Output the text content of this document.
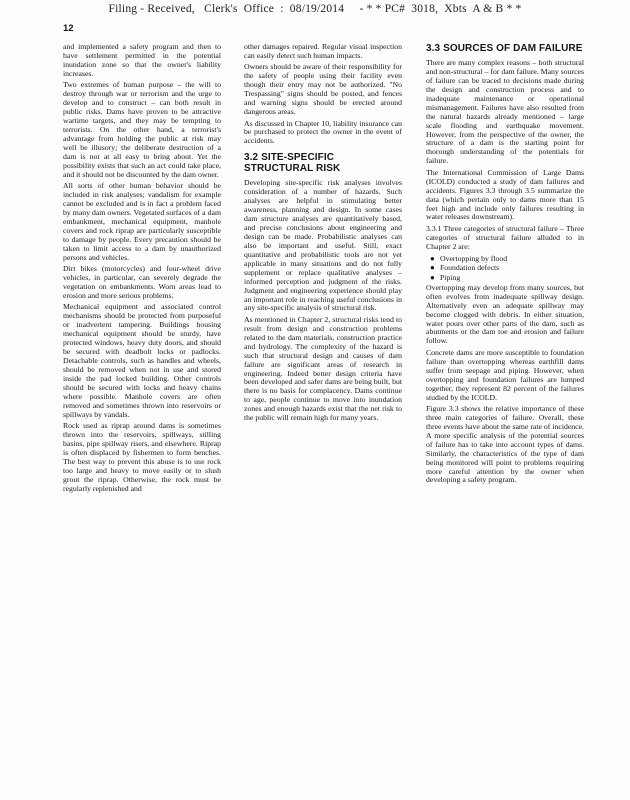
Filing - Received,   Clerk's  Office  :  08/19/2014     - * * PC#  3018,  Xbts  A & B * *
12

and implemented a safety program and then to have settlement permitted in the potential inundation zone so that the owner's liability increases.

Two extremes of human purpose – the will to destroy through war or terrorism and the urge to develop and to construct – can both result in public risks. Dams have proven to be attractive wartime targets, and they may be tempting to terrorists. On the other hand, a terrorist's advantage from holding the public at risk may well be illusory; the deliberate destruction of a dam is not at all easy to bring about. Yet the possibility exists that such an act could take place, and it should not be discounted by the dam owner.

All sorts of other human behavior should be included in risk analyses; vandalism for example cannot be excluded and is in fact a problem faced by many dam owners. Vegetated surfaces of a dam embankment, mechanical equipment, manhole covers and rock riprap are particularly susceptible to damage by people. Every precaution should be taken to limit access to a dam by unauthorized persons and vehicles.

Dirt bikes (motorcycles) and four-wheel drive vehicles, in particular, can severely degrade the vegetation on embankments. Worn areas lead to erosion and more serious problems.

Mechanical equipment and associated control mechanisms should be protected from purposeful or inadvertent tampering. Buildings housing mechanical equipment should be sturdy, have protected windows, heavy duty doors, and should be secured with deadbolt locks or padlocks. Detachable controls, such as handles and wheels, should be removed when not in use and stored inside the pad locked building. Other controls should be secured with locks and heavy chains where possible. Manhole covers are often removed and sometimes thrown into reservoirs or spillways by vandals.

Rock used as riprap around dams is sometimes thrown into the reservoirs, spillways, stilling basins, pipe spillway risers, and elsewhere. Riprap is often displaced by fishermen to form benches. The best way to prevent this abuse is to use rock too large and heavy to move easily or to slush grout the riprap. Otherwise, the rock must be regularly replenished and

other damages repaired. Regular visual inspection can easily detect such human impacts.

Owners should be aware of their responsibility for the safety of people using their facility even though their entry may not be authorized. "No Trespassing" signs should be posted, and fences and warning signs should be erected around dangerous areas.

As discussed in Chapter 10, liability insurance can be purchased to protect the owner in the event of accidents.

3.2 SITE-SPECIFIC STRUCTURAL RISK

Developing site-specific risk analyses involves consideration of a number of hazards. Such analyses are helpful in stimulating better awareness, planning and design. In some cases dam structure analyses are quantitatively based, and precise conclusions about engineering and design can be made. Probabilistic analyses can also be important and useful. Still, exact quantitative and probabilistic tools are not yet applicable in many situations and do not fully supplement or replace qualitative analyses – informed perception and judgment of the risks. Judgment and engineering experience should play an important role in reaching useful conclusions in any site-specific analysis of structural risk.

As mentioned in Chapter 2, structural risks tend to result from design and construction problems related to the dam materials, construction practice and hydrology. The complexity of the hazard is such that structural design and causes of dam failure are significant areas of research in engineering. Indeed better design criteria have been developed and safer dams are being built, but there is no basis for complacency. Dams continue to age, people continue to move into inundation zones and enough hazards exist that the net risk to the public will remain high for many years.

3.3 SOURCES OF DAM FAILURE

There are many complex reasons – both structural and non-structural – for dam failure. Many sources of failure can be traced to decisions made during the design and construction process and to inadequate maintenance or operational mismanagement. Failures have also resulted from the natural hazards already mentioned – large scale flooding and earthquake movement. However, from the perspective of the owner, the structure of a dam is the starting point for thorough understanding of the potentials for failure.

The International Commission of Large Dams (ICOLD) conducted a study of dam failures and accidents. Figures 3.3 through 3.5 summarize the data (which pertain only to dams more than 15 feet high and include only failures resulting in water releases downstream).

3.3.1 Three categories of structural failure – Three categories of structural failure alluded to in Chapter 2 are:

● Overtopping by flood
● Foundation defects
● Piping

Overtopping may develop from many sources, but often evolves from inadequate spillway design. Alternatively even an adequate spillway may become clogged with debris. In either situation, water pours over other parts of the dam, such as abutments or the dam toe and erosion and failure follow.

Concrete dams are more susceptible to foundation failure than overtopping whereas earthfill dams suffer from seepage and piping. However, when overtopping and foundation failures are lumped together, they represent 82 percent of the failures studied by the ICOLD.

Figure 3.3 shows the relative importance of these three main categories of failure. Overall, these three events have about the same rate of incidence. A more specific analysis of the potential sources of failure has to take into account types of dams. Similarly, the characteristics of the type of dam being monitored will point to problems requiring more careful attention by the owner when developing a safety program.
